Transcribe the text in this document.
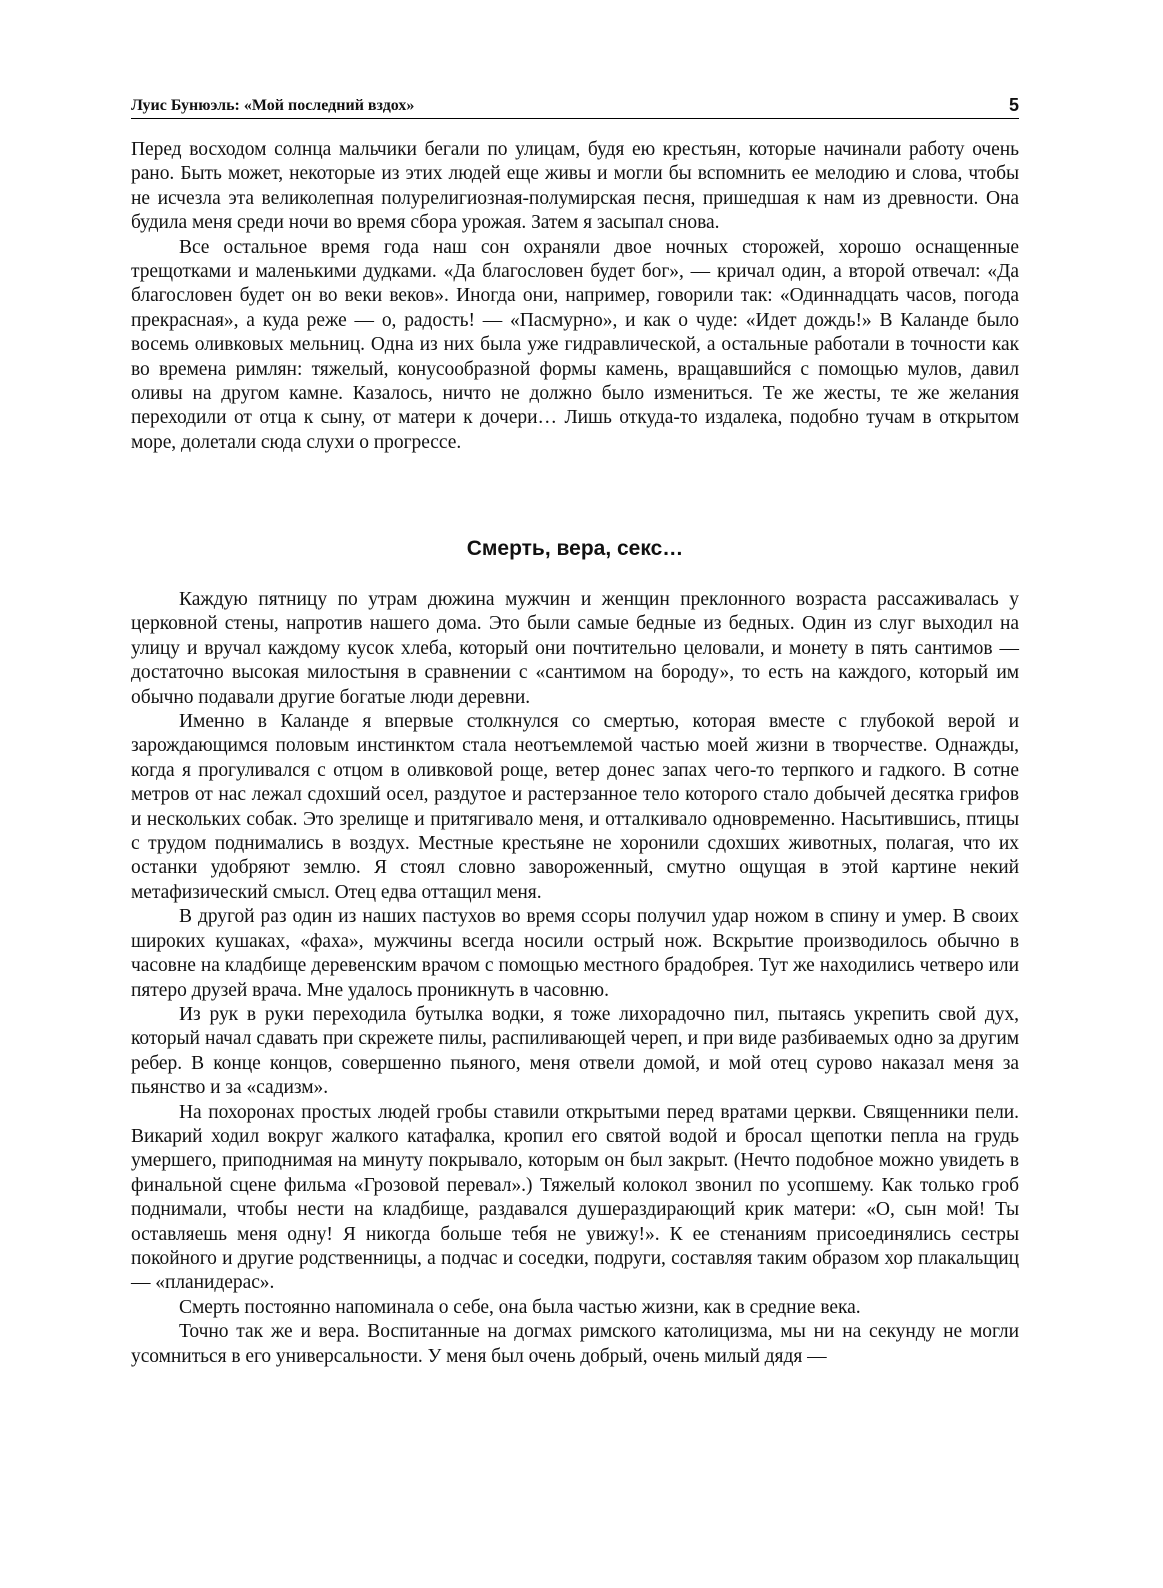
Луис Бунюэль: «Мой последний вздох»	5

Перед восходом солнца мальчики бегали по улицам, будя ею крестьян, которые начинали работу очень рано. Быть может, некоторые из этих людей еще живы и могли бы вспомнить ее мелодию и слова, чтобы не исчезла эта великолепная полурелигиозная-полумирская песня, пришедшая к нам из древности. Она будила меня среди ночи во время сбора урожая. Затем я засыпал снова.

Все остальное время года наш сон охраняли двое ночных сторожей, хорошо оснащенные трещотками и маленькими дудками. «Да благословен будет бог», — кричал один, а второй отвечал: «Да благословен будет он во веки веков». Иногда они, например, говорили так: «Одиннадцать часов, погода прекрасная», а куда реже — о, радость! — «Пасмурно», и как о чуде: «Идет дождь!» В Каланде было восемь оливковых мельниц. Одна из них была уже гидравлической, а остальные работали в точности как во времена римлян: тяжелый, конусообразной формы камень, вращавшийся с помощью мулов, давил оливы на другом камне. Казалось, ничто не должно было измениться. Те же жесты, те же желания переходили от отца к сыну, от матери к дочери… Лишь откуда-то издалека, подобно тучам в открытом море, долетали сюда слухи о прогрессе.

Смерть, вера, секс…

Каждую пятницу по утрам дюжина мужчин и женщин преклонного возраста рассаживалась у церковной стены, напротив нашего дома. Это были самые бедные из бедных. Один из слуг выходил на улицу и вручал каждому кусок хлеба, который они почтительно целовали, и монету в пять сантимов — достаточно высокая милостыня в сравнении с «сантимом на бороду», то есть на каждого, который им обычно подавали другие богатые люди деревни.

Именно в Каланде я впервые столкнулся со смертью, которая вместе с глубокой верой и зарождающимся половым инстинктом стала неотъемлемой частью моей жизни в творчестве. Однажды, когда я прогуливался с отцом в оливковой роще, ветер донес запах чего-то терпкого и гадкого. В сотне метров от нас лежал сдохший осел, раздутое и растерзанное тело которого стало добычей десятка грифов и нескольких собак. Это зрелище и притягивало меня, и отталкивало одновременно. Насытившись, птицы с трудом поднимались в воздух. Местные крестьяне не хоронили сдохших животных, полагая, что их останки удобряют землю. Я стоял словно завороженный, смутно ощущая в этой картине некий метафизический смысл. Отец едва оттащил меня.

В другой раз один из наших пастухов во время ссоры получил удар ножом в спину и умер. В своих широких кушаках, «фаха», мужчины всегда носили острый нож. Вскрытие производилось обычно в часовне на кладбище деревенским врачом с помощью местного брадобрея. Тут же находились четверо или пятеро друзей врача. Мне удалось проникнуть в часовню.

Из рук в руки переходила бутылка водки, я тоже лихорадочно пил, пытаясь укрепить свой дух, который начал сдавать при скрежете пилы, распиливающей череп, и при виде разбиваемых одно за другим ребер. В конце концов, совершенно пьяного, меня отвели домой, и мой отец сурово наказал меня за пьянство и за «садизм».

На похоронах простых людей гробы ставили открытыми перед вратами церкви. Священники пели. Викарий ходил вокруг жалкого катафалка, кропил его святой водой и бросал щепотки пепла на грудь умершего, приподнимая на минуту покрывало, которым он был закрыт. (Нечто подобное можно увидеть в финальной сцене фильма «Грозовой перевал».) Тяжелый колокол звонил по усопшему. Как только гроб поднимали, чтобы нести на кладбище, раздавался душераздирающий крик матери: «О, сын мой! Ты оставляешь меня одну! Я никогда больше тебя не увижу!». К ее стенаниям присоединялись сестры покойного и другие родственницы, а подчас и соседки, подруги, составляя таким образом хор плакальщиц — «планидерас».

Смерть постоянно напоминала о себе, она была частью жизни, как в средние века.

Точно так же и вера. Воспитанные на догмах римского католицизма, мы ни на секунду не могли усомниться в его универсальности. У меня был очень добрый, очень милый дядя —
